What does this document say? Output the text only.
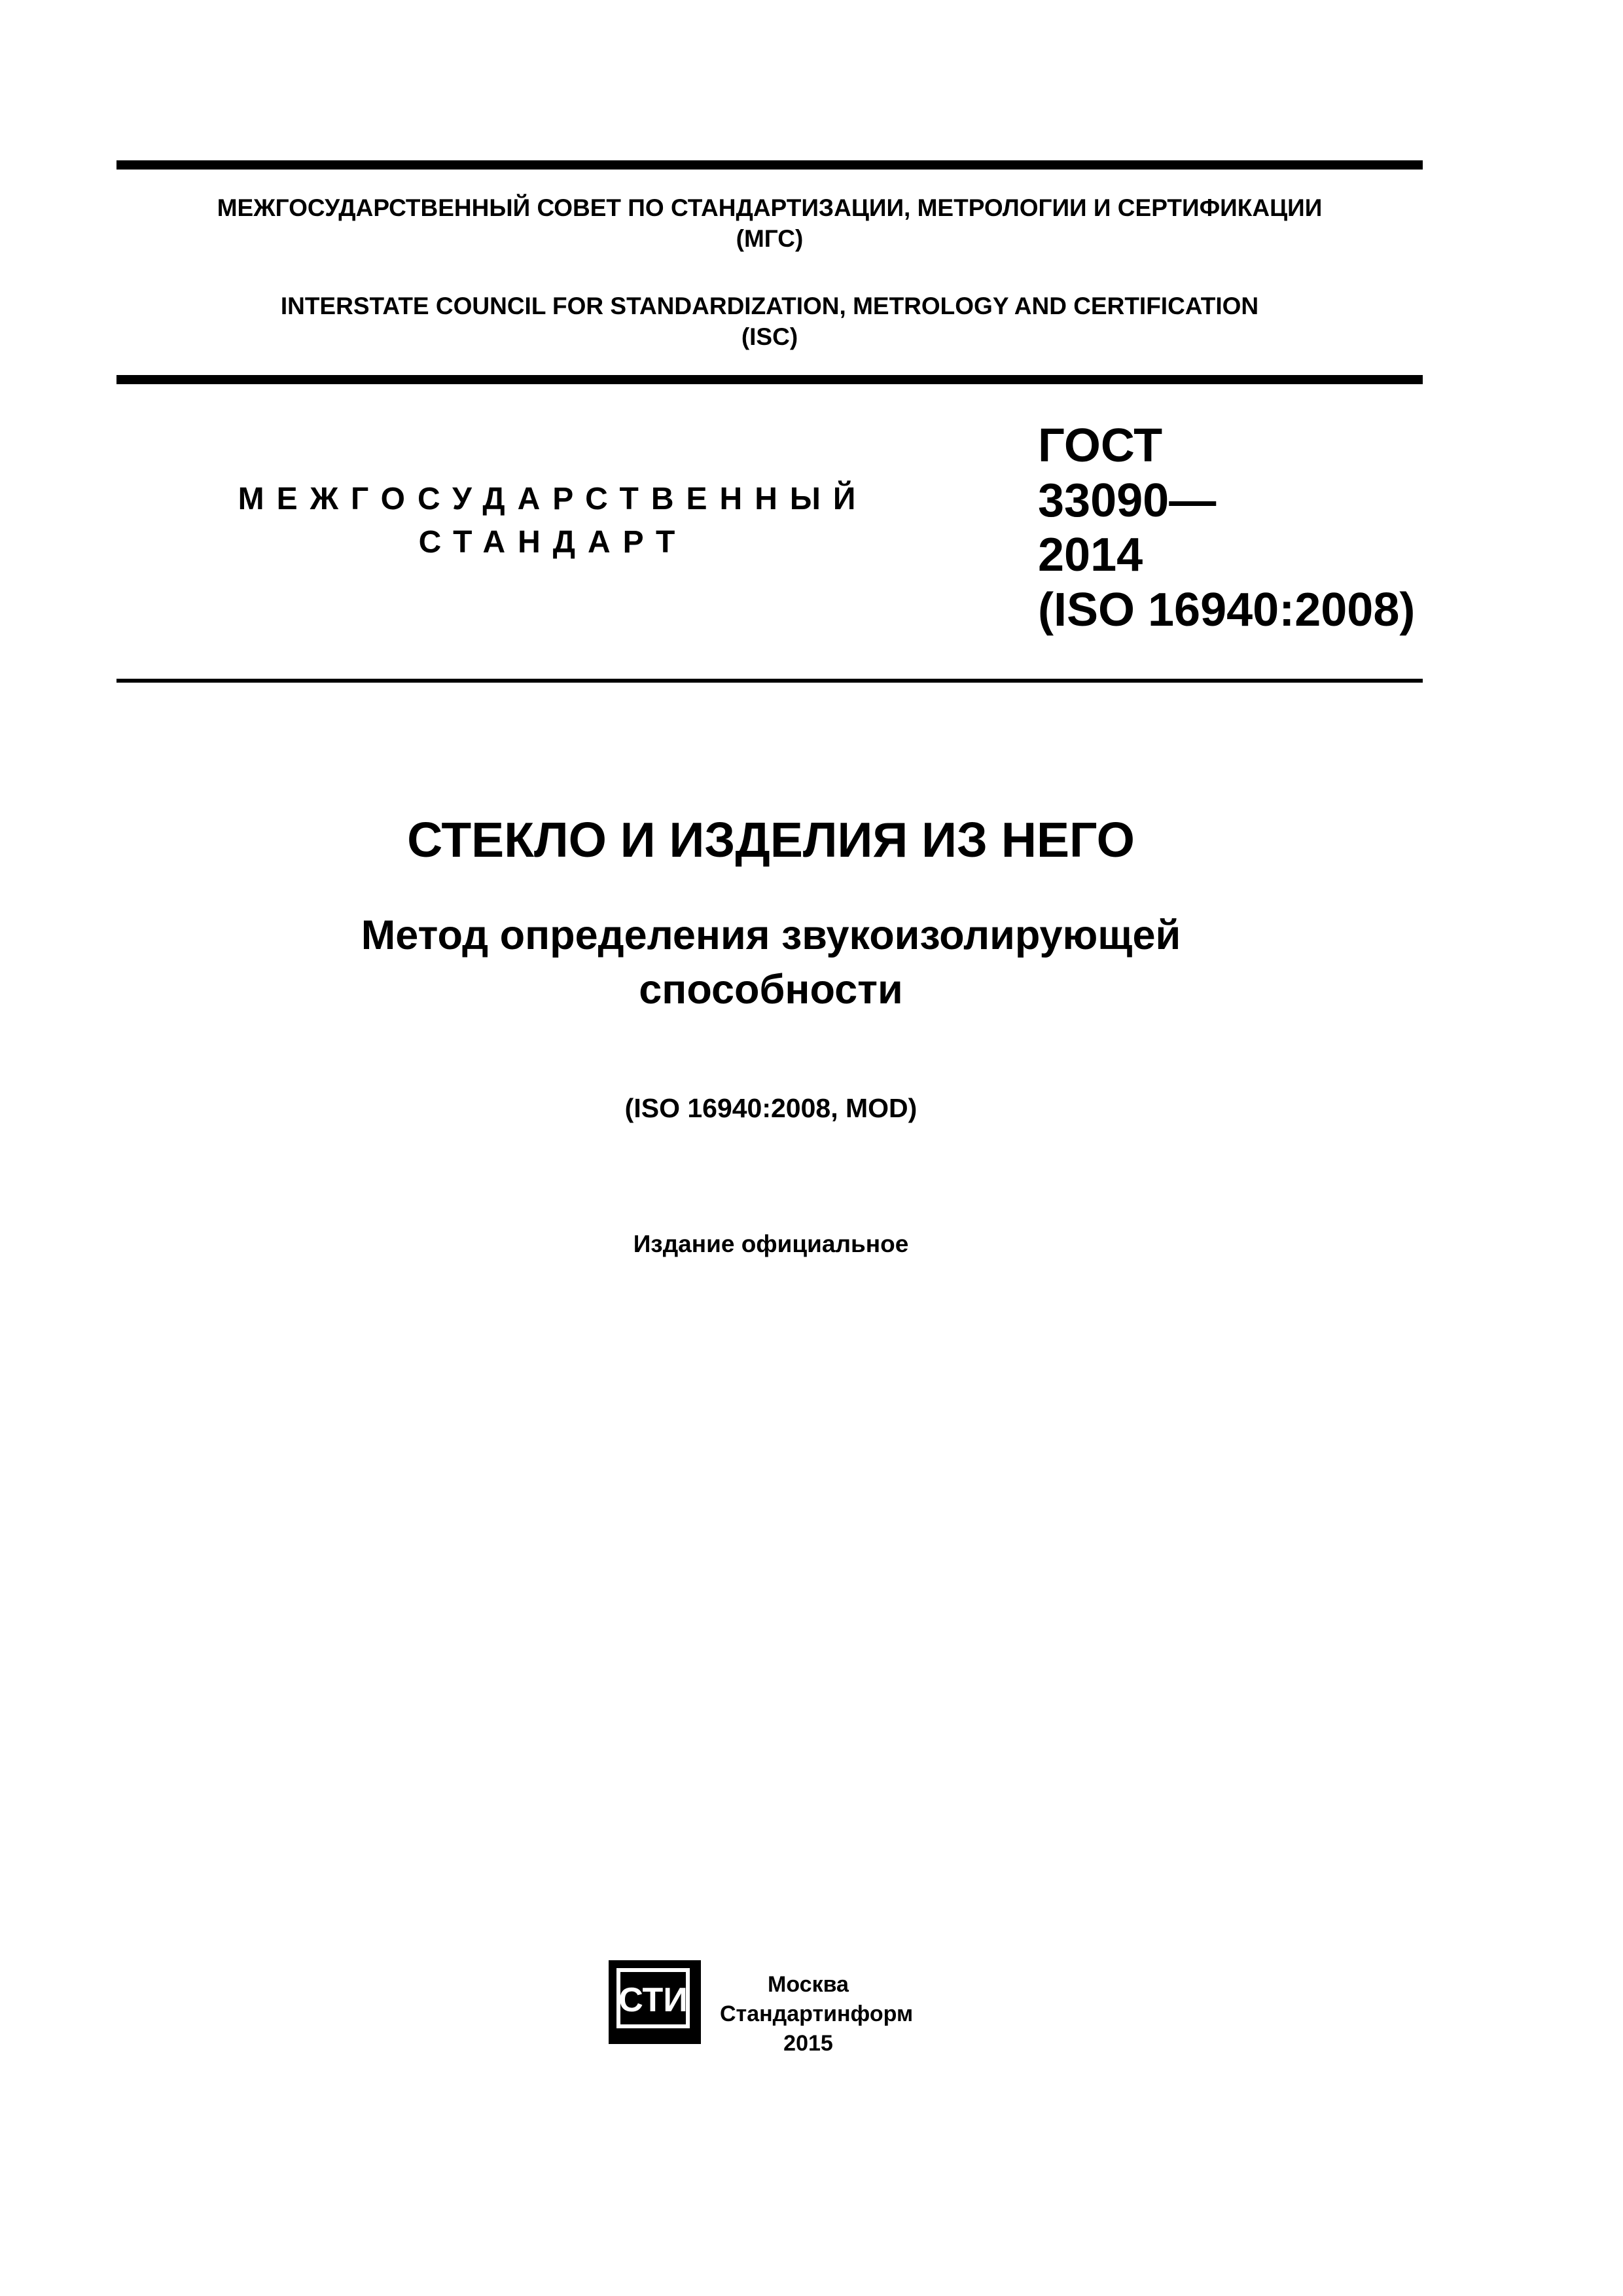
МЕЖГОСУДАРСТВЕННЫЙ СОВЕТ ПО СТАНДАРТИЗАЦИИ, МЕТРОЛОГИИ И СЕРТИФИКАЦИИ
(МГС)
INTERSTATE COUNCIL FOR STANDARDIZATION, METROLOGY AND CERTIFICATION
(ISC)
МЕЖГОСУДАРСТВЕННЫЙ
СТАНДАРТ
ГОСТ
33090—
2014
(ISO 16940:2008)
СТЕКЛО И ИЗДЕЛИЯ ИЗ НЕГО
Метод определения звукоизолирующей
способности
(ISO 16940:2008, MOD)
Издание официальное
СТИ	Москва
Стандартинформ
2015
